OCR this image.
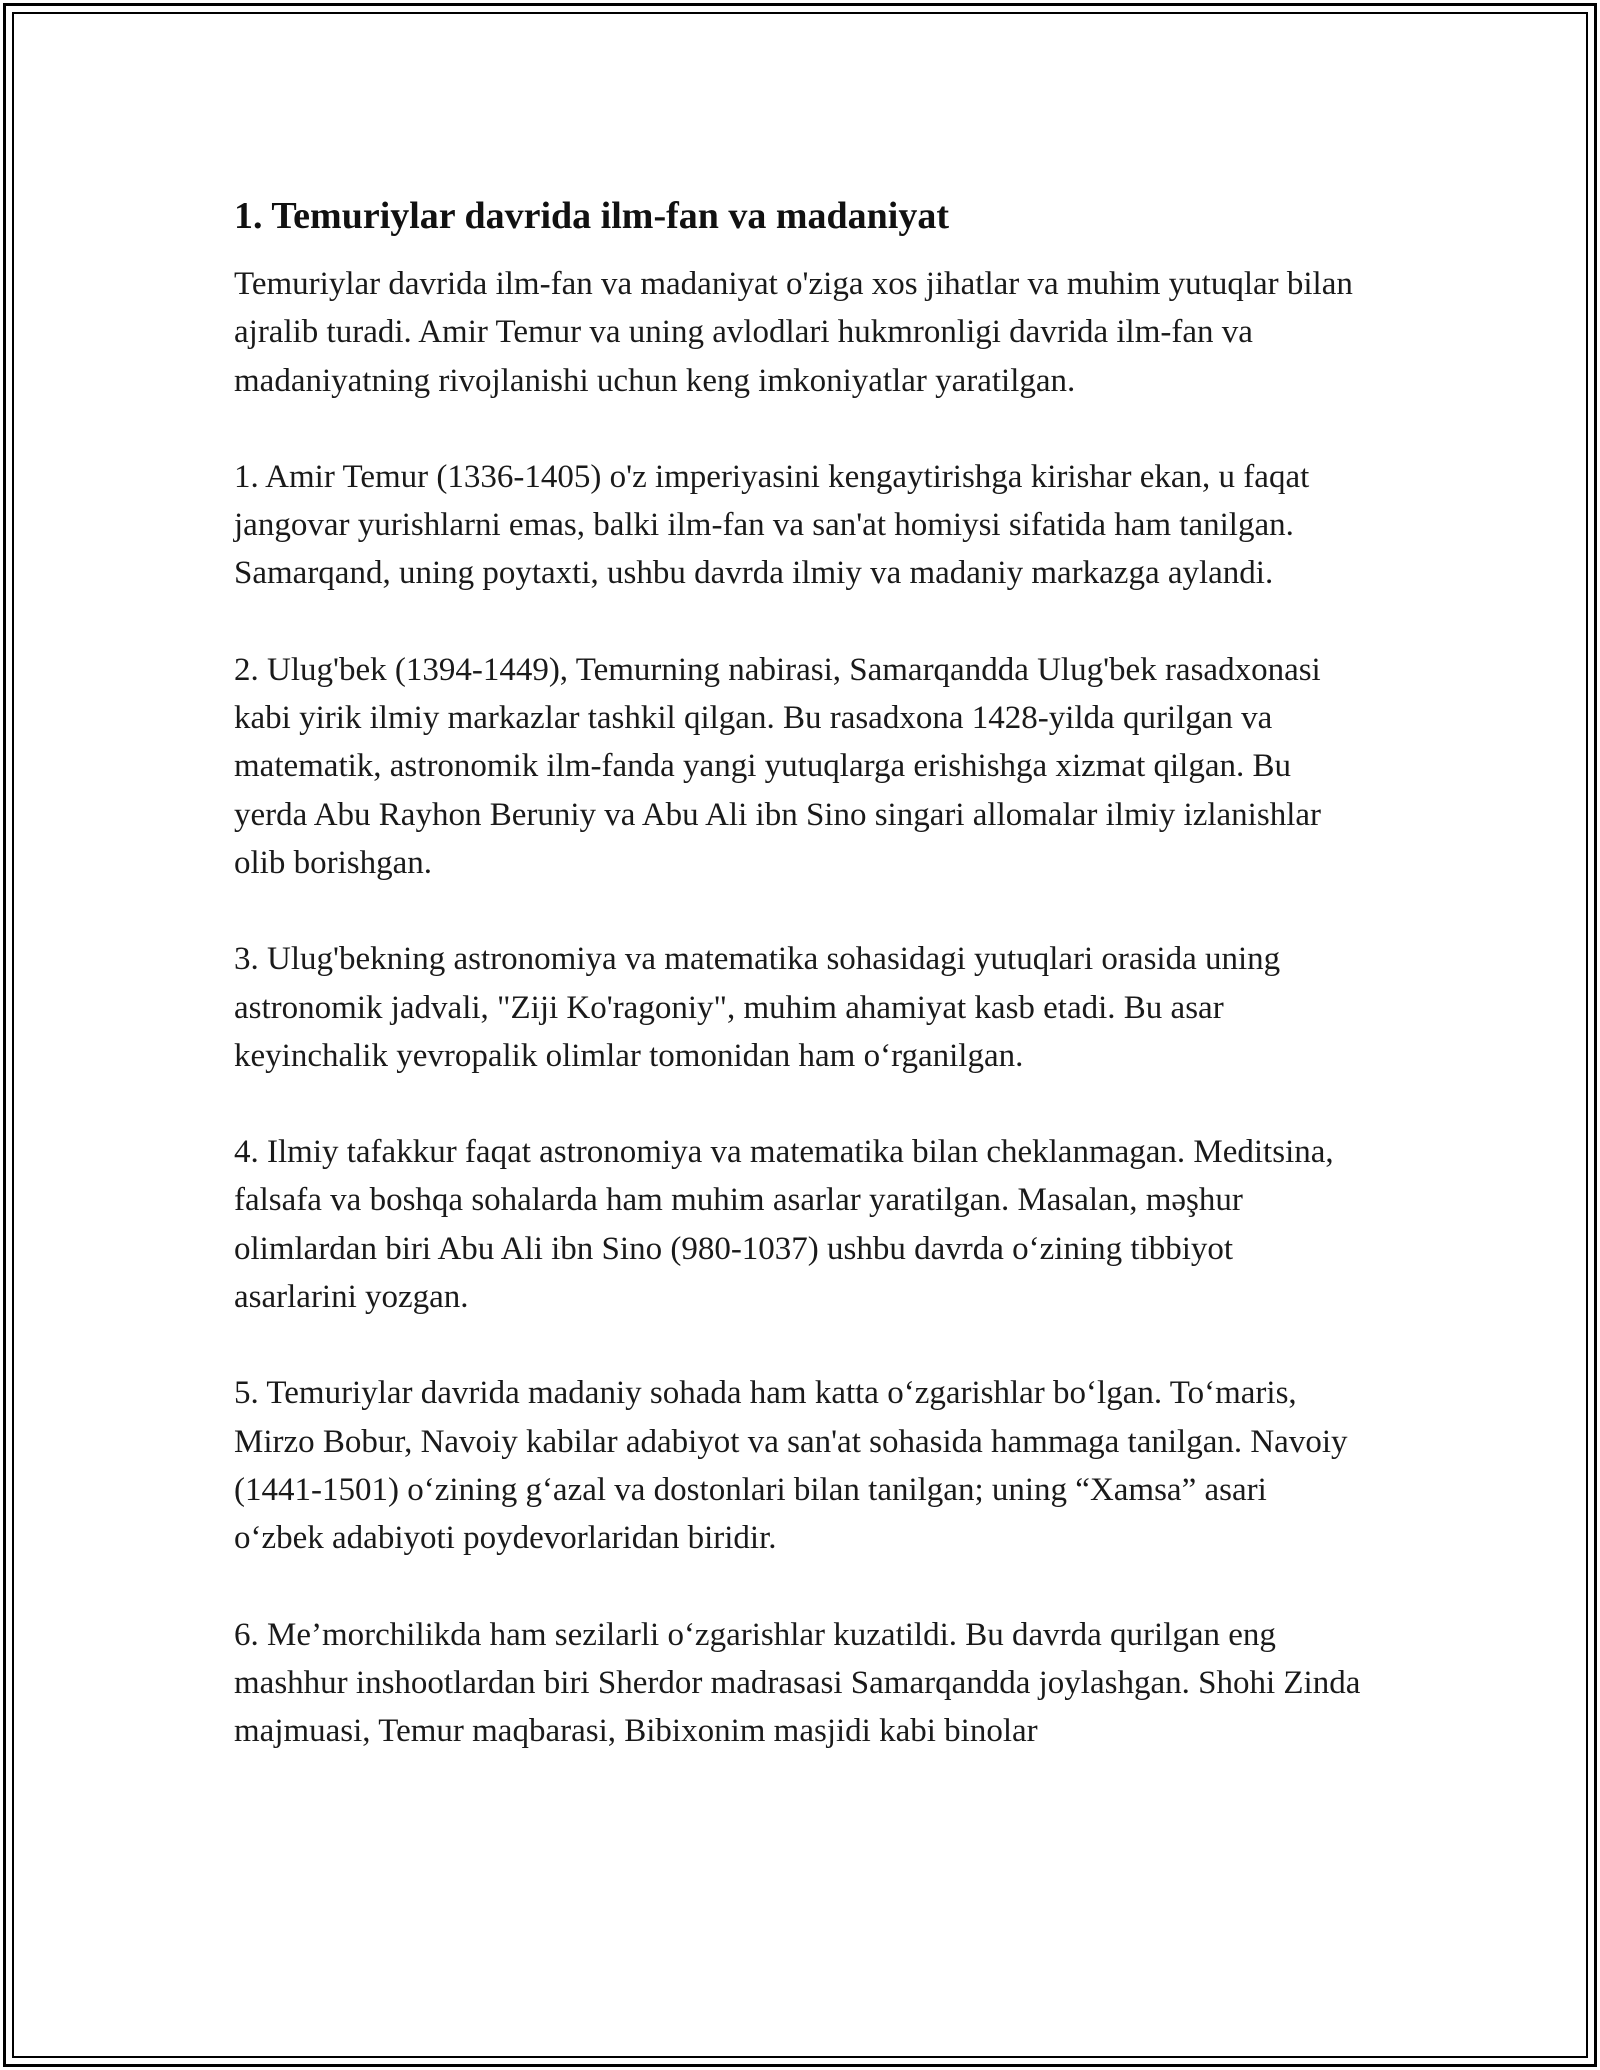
1. Temuriylar davrida ilm-fan va madaniyat

Temuriylar davrida ilm-fan va madaniyat o'ziga xos jihatlar va muhim yutuqlar bilan ajralib turadi. Amir Temur va uning avlodlari hukmronligi davrida ilm-fan va madaniyatning rivojlanishi uchun keng imkoniyatlar yaratilgan.

1. Amir Temur (1336-1405) o'z imperiyasini kengaytirishga kirishar ekan, u faqat jangovar yurishlarni emas, balki ilm-fan va san'at homiysi sifatida ham tanilgan. Samarqand, uning poytaxti, ushbu davrda ilmiy va madaniy markazga aylandi.

2. Ulug'bek (1394-1449), Temurning nabirasi, Samarqandda Ulug'bek rasadxonasi kabi yirik ilmiy markazlar tashkil qilgan. Bu rasadxona 1428-yilda qurilgan va matematik, astronomik ilm-fanda yangi yutuqlarga erishishga xizmat qilgan. Bu yerda Abu Rayhon Beruniy va Abu Ali ibn Sino singari allomalar ilmiy izlanishlar olib borishgan.

3. Ulug'bekning astronomiya va matematika sohasidagi yutuqlari orasida uning astronomik jadvali, "Ziji Ko'ragoniy", muhim ahamiyat kasb etadi. Bu asar keyinchalik yevropalik olimlar tomonidan ham o‘rganilgan.

4. Ilmiy tafakkur faqat astronomiya va matematika bilan cheklanmagan. Meditsina, falsafa va boshqa sohalarda ham muhim asarlar yaratilgan. Masalan, məşhur olimlardan biri Abu Ali ibn Sino (980-1037) ushbu davrda o‘zining tibbiyot asarlarini yozgan.

5. Temuriylar davrida madaniy sohada ham katta o‘zgarishlar bo‘lgan. To‘maris, Mirzo Bobur, Navoiy kabilar adabiyot va san'at sohasida hammaga tanilgan. Navoiy (1441-1501) o‘zining g‘azal va dostonlari bilan tanilgan; uning “Xamsa” asari o‘zbek adabiyoti poydevorlaridan biridir.

6. Me’morchilikda ham sezilarli o‘zgarishlar kuzatildi. Bu davrda qurilgan eng mashhur inshootlardan biri Sherdor madrasasi Samarqandda joylashgan. Shohi Zinda majmuasi, Temur maqbarasi, Bibixonim masjidi kabi binolar
